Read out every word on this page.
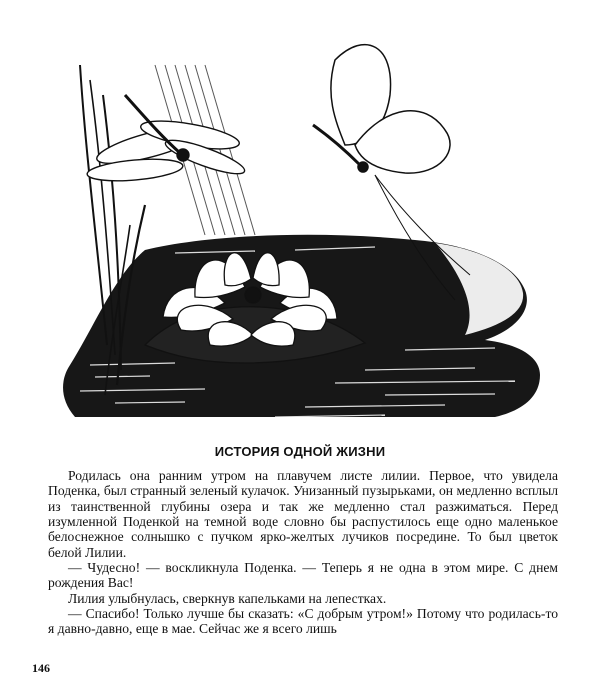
ИСТОРИЯ ОДНОЙ ЖИЗНИ

Родилась она ранним утром на плавучем листе лилии. Первое, что увидела Поденка, был странный зеленый кулачок. Унизанный пузырьками, он медленно всплыл из таинственной глубины озера и так же медленно стал разжиматься. Перед изумленной Поденкой на темной воде словно бы распустилось еще одно маленькое белоснежное солнышко с пучком ярко-желтых лучиков посредине. То был цветок белой Лилии.

— Чудесно! — воскликнула Поденка. — Теперь я не одна в этом мире. С днем рождения Вас!

Лилия улыбнулась, сверкнув капельками на лепестках.

— Спасибо! Только лучше бы сказать: «С добрым утром!» Потому что родилась-то я давно-давно, еще в мае. Сейчас же я всего лишь

146
